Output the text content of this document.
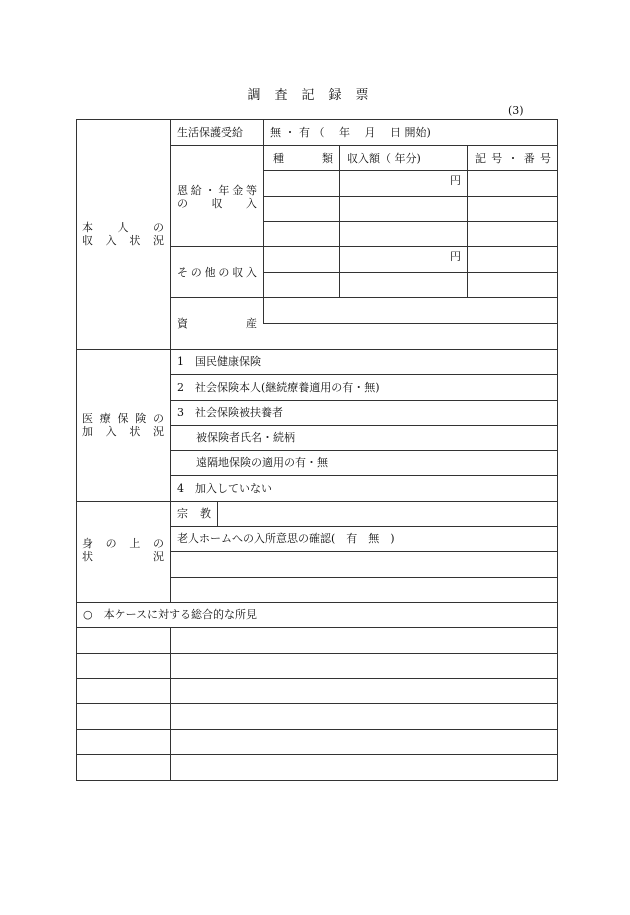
調査記録票
(3)
本人の
収入状況
生活保護受給 無 ・ 有 （　 年　 月　 日 開始)
種類 収入額（ 年分)	記号・番号
恩給・年金等
の収入
円
その他の収入
円
資産
医療保険の
加入状況
1　国民健康保険
2　社会保険本人(継続療養適用の有・無)
3　社会保険被扶養者
被保険者氏名・続柄
遠隔地保険の適用の有・無
4　加入していない
身の上の
状況
宗教
老人ホームへの入所意思の確認(　有　無　)
○　本ケースに対する総合的な所見
